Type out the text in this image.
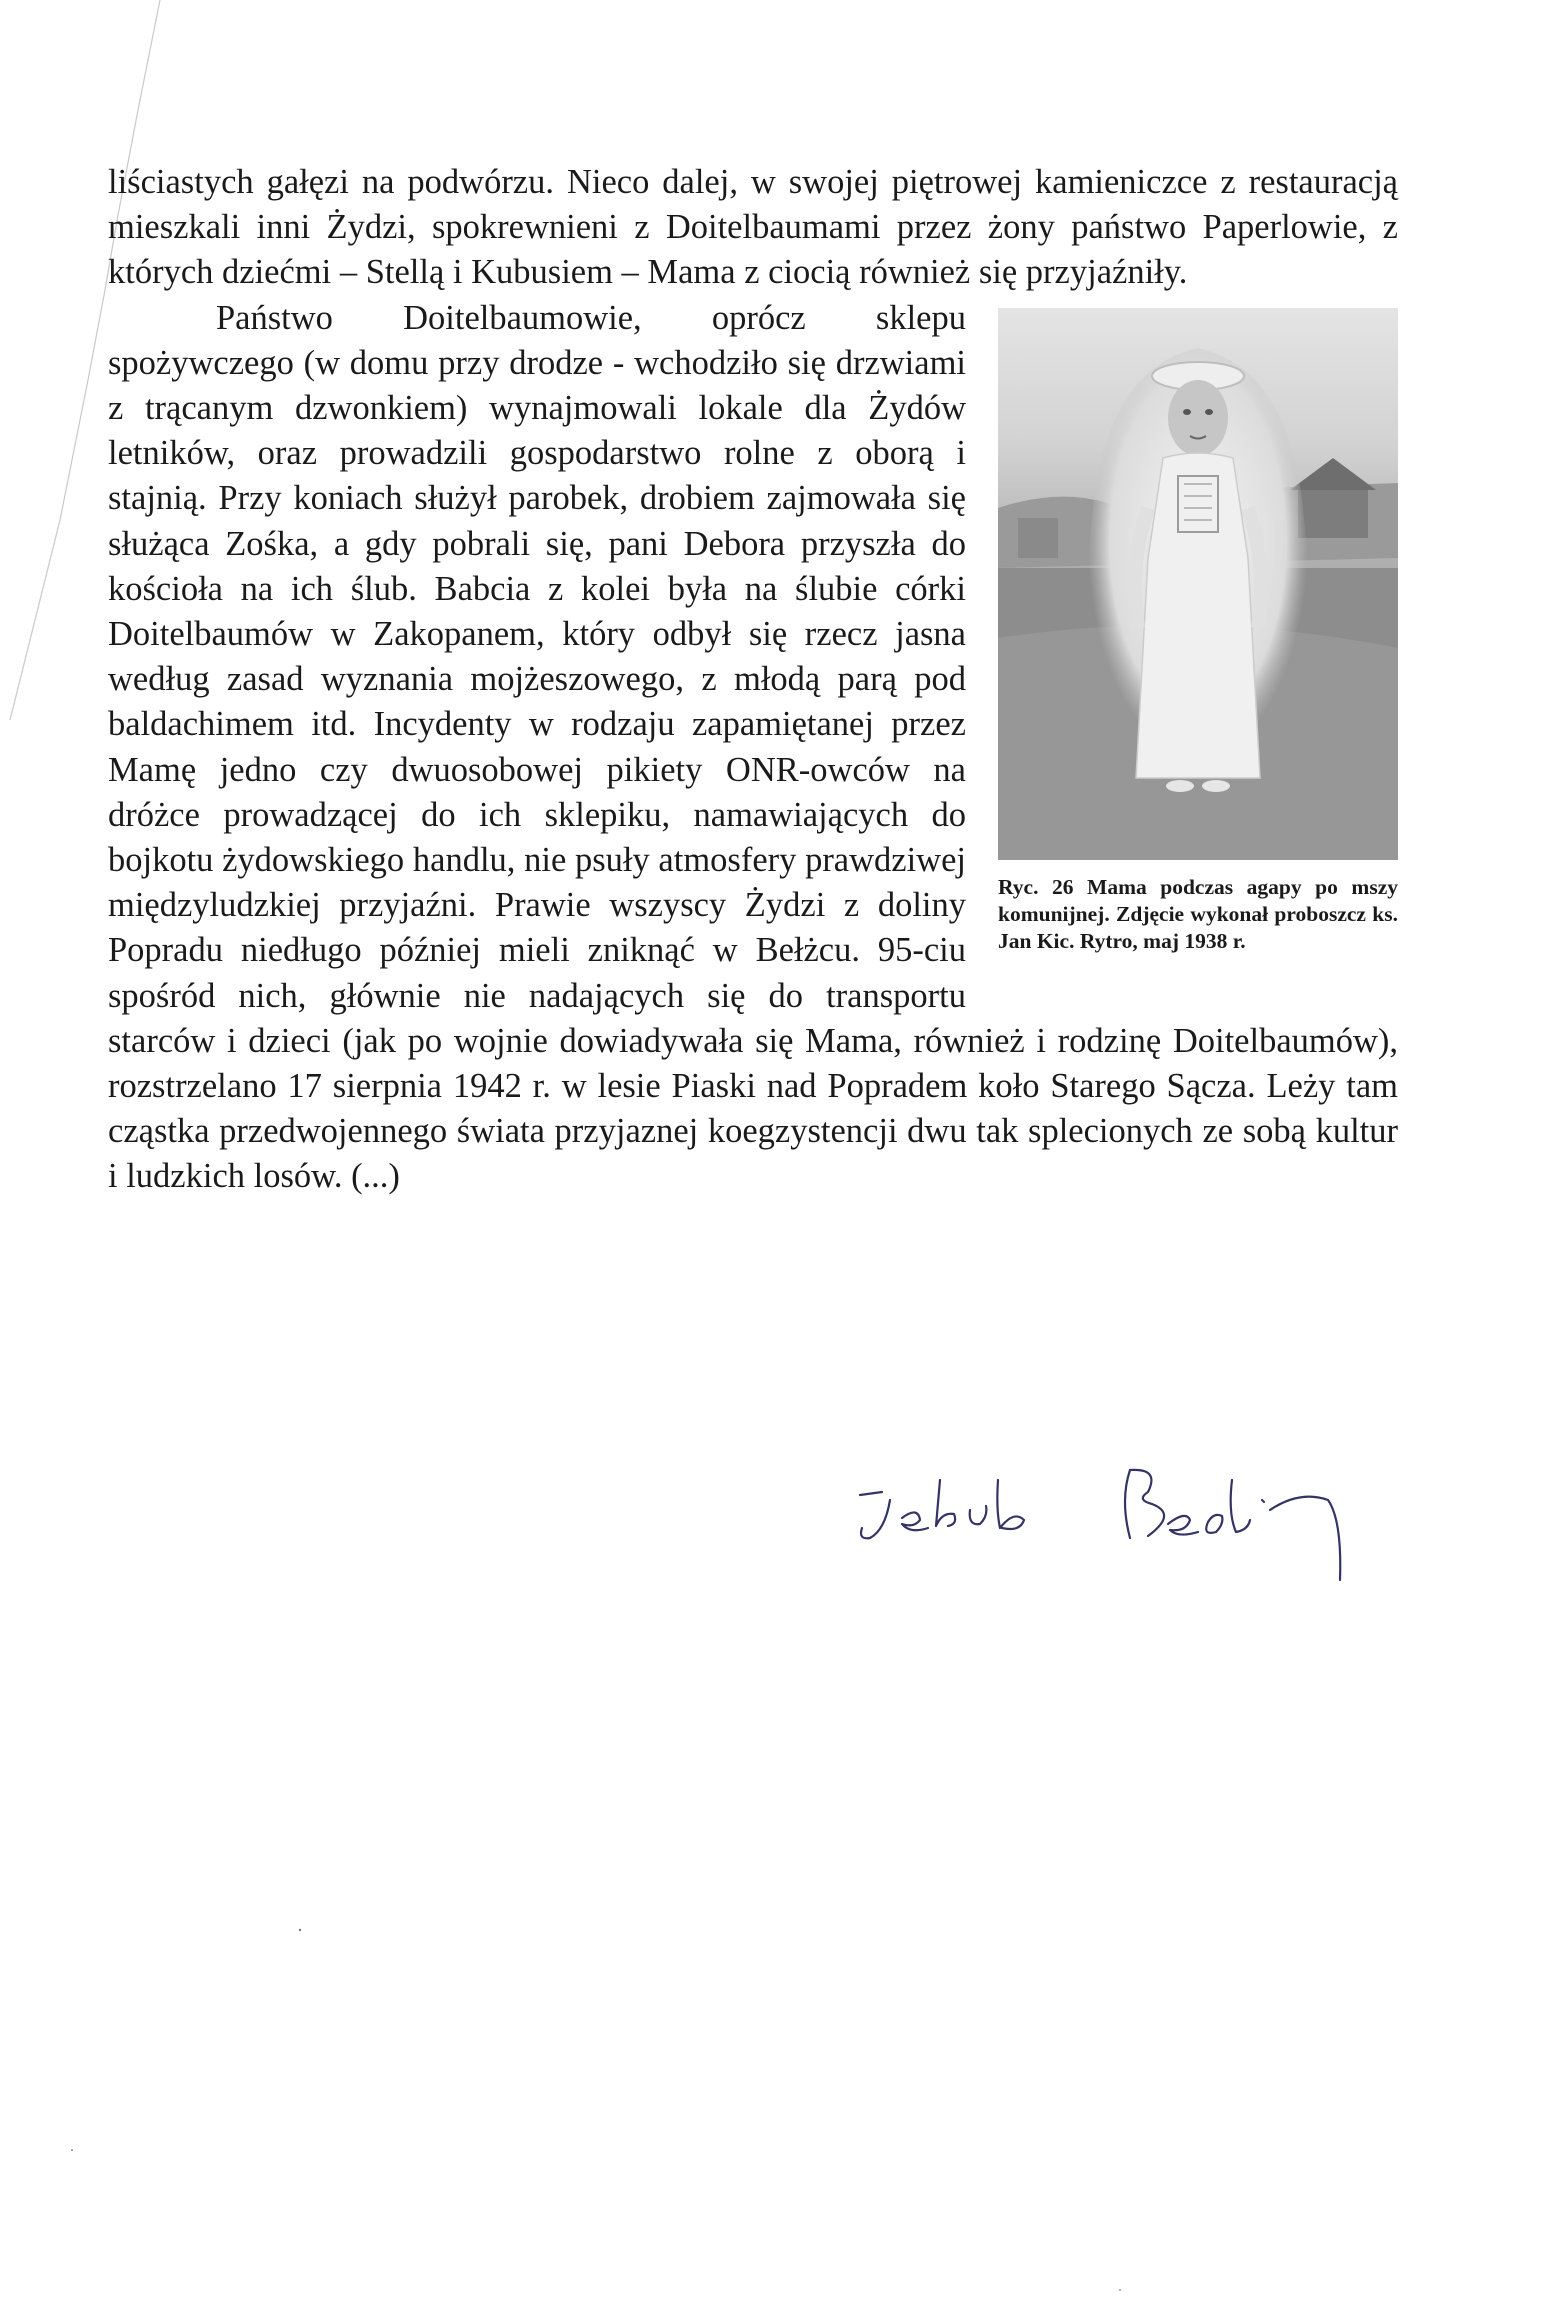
liściastych gałęzi na podwórzu. Nieco dalej, w swojej piętrowej kamieniczce z restauracją mieszkali inni Żydzi, spokrewnieni z Doitelbaumami przez żony państwo Paperlowie, z których dziećmi – Stellą i Kubusiem – Mama z ciocią również się przyjaźniły.

Ryc. 26 Mama podczas agapy po mszy komunijnej. Zdjęcie wykonał proboszcz ks. Jan Kic. Rytro, maj 1938 r.

Państwo Doitelbaumowie, oprócz sklepu spożywczego (w domu przy drodze - wchodziło się drzwiami z trącanym dzwonkiem) wynajmowali lokale dla Żydów letników, oraz prowadzili gospodarstwo rolne z oborą i stajnią. Przy koniach służył parobek, drobiem zajmowała się służąca Zośka, a gdy pobrali się, pani Debora przyszła do kościoła na ich ślub. Babcia z kolei była na ślubie córki Doitelbaumów w Zakopanem, który odbył się rzecz jasna według zasad wyznania mojżeszowego, z młodą parą pod baldachimem itd. Incydenty w rodzaju zapamiętanej przez Mamę jedno czy dwuosobowej pikiety ONR-owców na dróżce prowadzącej do ich sklepiku, namawiających do bojkotu żydowskiego handlu, nie psuły atmosfery prawdziwej międzyludzkiej przyjaźni. Prawie wszyscy Żydzi z doliny Popradu niedługo później mieli zniknąć w Bełżcu. 95-ciu spośród nich, głównie nie nadających się do transportu starców i dzieci (jak po wojnie dowiadywała się Mama, również i rodzinę Doitelbaumów), rozstrzelano 17 sierpnia 1942 r. w lesie Piaski nad Popradem koło Starego Sącza. Leży tam cząstka przedwojennego świata przyjaznej koegzystencji dwu tak splecionych ze sobą kultur i ludzkich losów. (...)
